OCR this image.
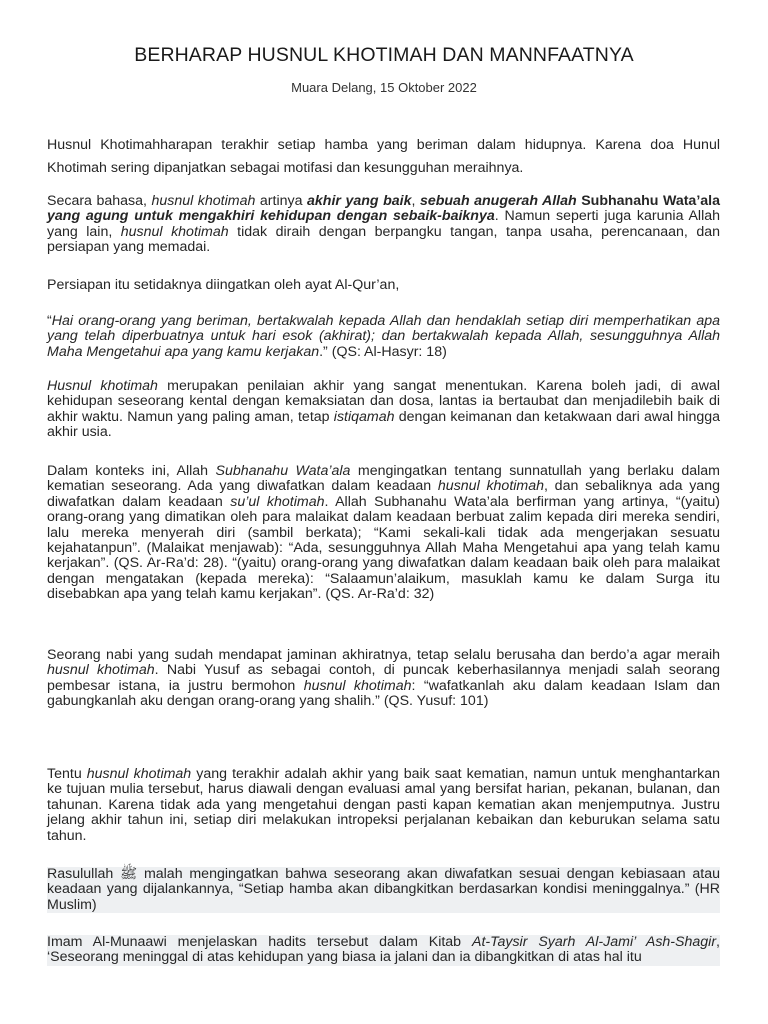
BERHARAP HUSNUL KHOTIMAH DAN MANNFAATNYA
Muara Delang, 15 Oktober 2022
Husnul Khotimahharapan terakhir setiap hamba yang beriman dalam hidupnya. Karena doa Hunul Khotimah sering dipanjatkan sebagai motifasi dan kesungguhan meraihnya.
Secara bahasa, husnul khotimah artinya akhir yang baik, sebuah anugerah Allah Subhanahu Wata’ala yang agung untuk mengakhiri kehidupan dengan sebaik-baiknya. Namun seperti juga karunia Allah yang lain, husnul khotimah tidak diraih dengan berpangku tangan, tanpa usaha, perencanaan, dan persiapan yang memadai.
Persiapan itu setidaknya diingatkan oleh ayat Al-Qur’an,
“Hai orang-orang yang beriman, bertakwalah kepada Allah dan hendaklah setiap diri memperhatikan apa yang telah diperbuatnya untuk hari esok (akhirat); dan bertakwalah kepada Allah, sesungguhnya Allah Maha Mengetahui apa yang kamu kerjakan.” (QS: Al-Hasyr: 18)
Husnul khotimah merupakan penilaian akhir yang sangat menentukan. Karena boleh jadi, di awal kehidupan seseorang kental dengan kemaksiatan dan dosa, lantas ia bertaubat dan menjadilebih baik di akhir waktu. Namun yang paling aman, tetap istiqamah dengan keimanan dan ketakwaan dari awal hingga akhir usia.
Dalam konteks ini, Allah Subhanahu Wata’ala mengingatkan tentang sunnatullah yang berlaku dalam kematian seseorang. Ada yang diwafatkan dalam keadaan husnul khotimah, dan sebaliknya ada yang diwafatkan dalam keadaan su’ul khotimah. Allah Subhanahu Wata’ala berfirman yang artinya, “(yaitu) orang-orang yang dimatikan oleh para malaikat dalam keadaan berbuat zalim kepada diri mereka sendiri, lalu mereka menyerah diri (sambil berkata); “Kami sekali-kali tidak ada mengerjakan sesuatu kejahatanpun”. (Malaikat menjawab): “Ada, sesungguhnya Allah Maha Mengetahui apa yang telah kamu kerjakan”. (QS. Ar-Ra’d: 28). “(yaitu) orang-orang yang diwafatkan dalam keadaan baik oleh para malaikat dengan mengatakan (kepada mereka): “Salaamun’alaikum, masuklah kamu ke dalam Surga itu disebabkan apa yang telah kamu kerjakan”. (QS. Ar-Ra’d: 32)
Seorang nabi yang sudah mendapat jaminan akhiratnya, tetap selalu berusaha dan berdo’a agar meraih husnul khotimah. Nabi Yusuf as sebagai contoh, di puncak keberhasilannya menjadi salah seorang pembesar istana, ia justru bermohon husnul khotimah: “wafatkanlah aku dalam keadaan Islam dan gabungkanlah aku dengan orang-orang yang shalih.” (QS. Yusuf: 101)
Tentu husnul khotimah yang terakhir adalah akhir yang baik saat kematian, namun untuk menghantarkan ke tujuan mulia tersebut, harus diawali dengan evaluasi amal yang bersifat harian, pekanan, bulanan, dan tahunan. Karena tidak ada yang mengetahui dengan pasti kapan kematian akan menjemputnya. Justru jelang akhir tahun ini, setiap diri melakukan intropeksi perjalanan kebaikan dan keburukan selama satu tahun.
Rasulullah ﷺ malah mengingatkan bahwa seseorang akan diwafatkan sesuai dengan kebiasaan atau keadaan yang dijalankannya, “Setiap hamba akan dibangkitkan berdasarkan kondisi meninggalnya.” (HR Muslim)
Imam Al-Munaawi menjelaskan hadits tersebut dalam Kitab At-Taysir Syarh Al-Jami’ Ash-Shagir, ‘Seseorang meninggal di atas kehidupan yang biasa ia jalani dan ia dibangkitkan di atas hal itu
